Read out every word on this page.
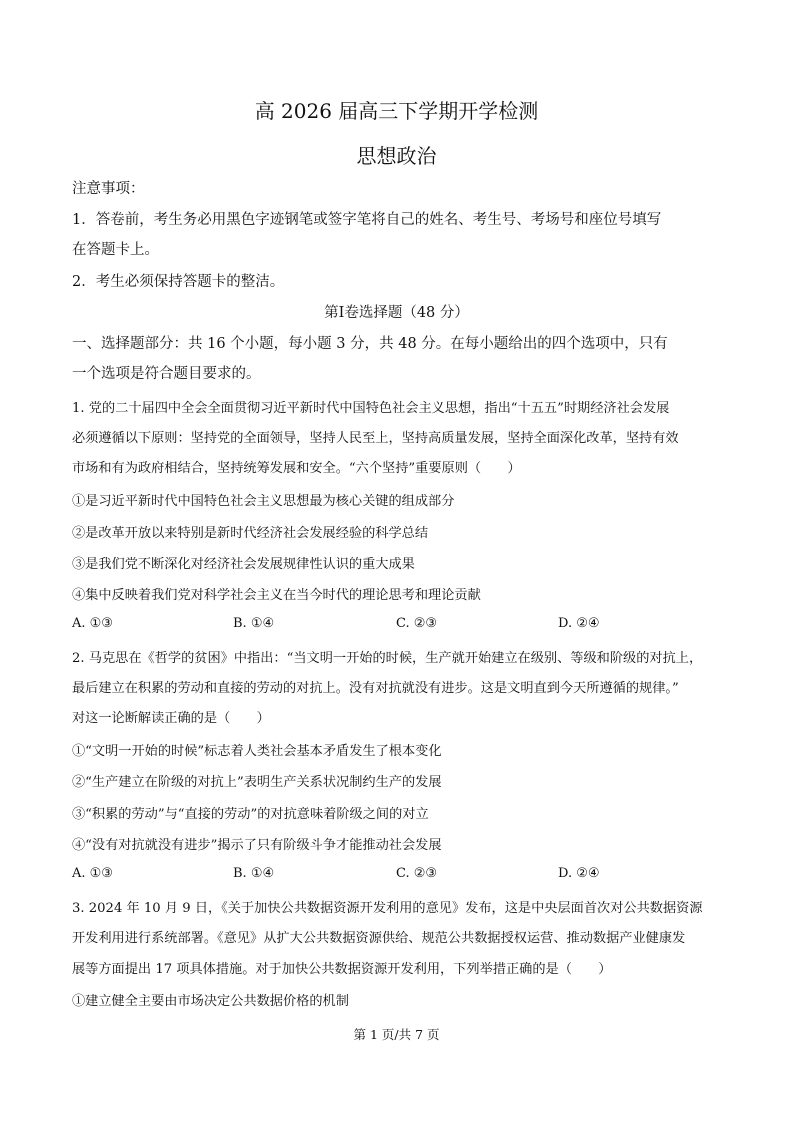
高 2026 届高三下学期开学检测
思想政治
注意事项：
1．答卷前，考生务必用黑色字迹钢笔或签字笔将自己的姓名、考生号、考场号和座位号填写
在答题卡上。
2．考生必须保持答题卡的整洁。
第Ⅰ卷选择题（48 分）
一、选择题部分：共 16 个小题，每小题 3 分，共 48 分。在每小题给出的四个选项中，只有
一个选项是符合题目要求的。
1. 党的二十届四中全会全面贯彻习近平新时代中国特色社会主义思想，指出“十五五”时期经济社会发展
必须遵循以下原则：坚持党的全面领导，坚持人民至上，坚持高质量发展，坚持全面深化改革，坚持有效
市场和有为政府相结合，坚持统筹发展和安全。“六个坚持”重要原则（　　）
①是习近平新时代中国特色社会主义思想最为核心关键的组成部分
②是改革开放以来特别是新时代经济社会发展经验的科学总结
③是我们党不断深化对经济社会发展规律性认识的重大成果
④集中反映着我们党对科学社会主义在当今时代的理论思考和理论贡献
A. ①③	B. ①④	C. ②③	D. ②④
2. 马克思在《哲学的贫困》中指出：“当文明一开始的时候，生产就开始建立在级别、等级和阶级的对抗上，
最后建立在积累的劳动和直接的劳动的对抗上。没有对抗就没有进步。这是文明直到今天所遵循的规律。”
对这一论断解读正确的是（　　）
①“文明一开始的时候”标志着人类社会基本矛盾发生了根本变化
②“生产建立在阶级的对抗上”表明生产关系状况制约生产的发展
③“积累的劳动”与“直接的劳动”的对抗意味着阶级之间的对立
④“没有对抗就没有进步”揭示了只有阶级斗争才能推动社会发展
A. ①③	B. ①④	C. ②③	D. ②④
3. 2024 年 10 月 9 日，《关于加快公共数据资源开发利用的意见》发布，这是中央层面首次对公共数据资源
开发利用进行系统部署。《意见》从扩大公共数据资源供给、规范公共数据授权运营、推动数据产业健康发
展等方面提出 17 项具体措施。对于加快公共数据资源开发利用，下列举措正确的是（　　）
①建立健全主要由市场决定公共数据价格的机制
第 1 页/共 7 页
